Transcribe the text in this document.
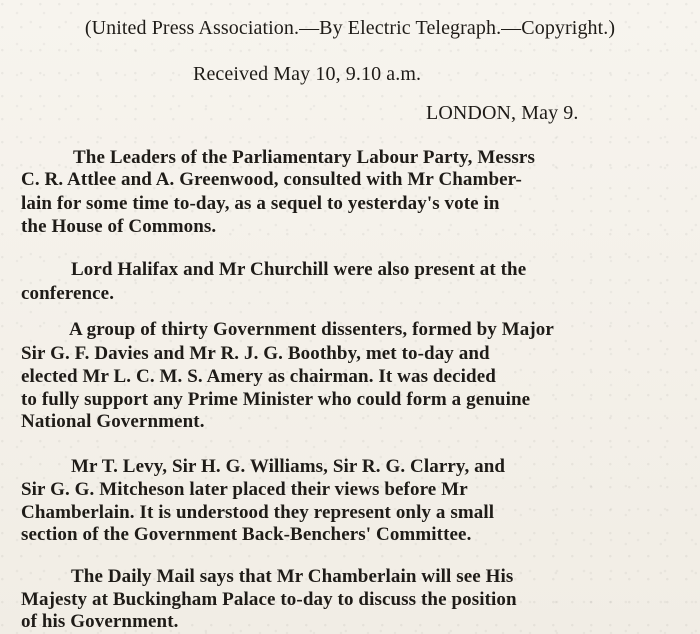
(United Press Association.—By Electric Telegraph.—Copyright.)
Received May 10, 9.10 a.m.
LONDON, May 9.
The Leaders of the Parliamentary Labour Party, Messrs
C. R. Attlee and A. Greenwood, consulted with Mr Chamber-
lain for some time to-day, as a sequel to yesterday's vote in
the House of Commons.
Lord Halifax and Mr Churchill were also present at the
conference.
A group of thirty Government dissenters, formed by Major
Sir G. F. Davies and Mr R. J. G. Boothby, met to-day and
elected Mr L. C. M. S. Amery as chairman. It was decided
to fully support any Prime Minister who could form a genuine
National Government.
Mr T. Levy, Sir H. G. Williams, Sir R. G. Clarry, and
Sir G. G. Mitcheson later placed their views before Mr
Chamberlain. It is understood they represent only a small
section of the Government Back-Benchers' Committee.
The Daily Mail says that Mr Chamberlain will see His
Majesty at Buckingham Palace to-day to discuss the position
of his Government.
